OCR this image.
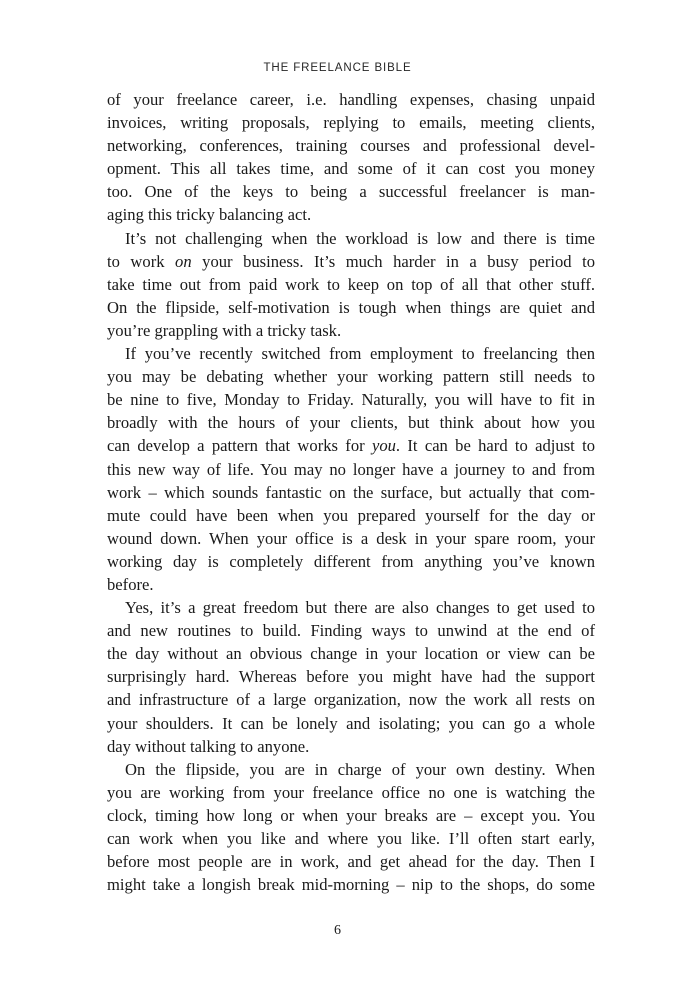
THE FREELANCE BIBLE

of your freelance career, i.e. handling expenses, chasing unpaid
invoices, writing proposals, replying to emails, meeting clients,
networking, conferences, training courses and professional devel-
opment. This all takes time, and some of it can cost you money
too. One of the keys to being a successful freelancer is man-
aging this tricky balancing act.

It’s not challenging when the workload is low and there is time
to work on your business. It’s much harder in a busy period to
take time out from paid work to keep on top of all that other stuff.
On the flipside, self-motivation is tough when things are quiet and
you’re grappling with a tricky task.

If you’ve recently switched from employment to freelancing then
you may be debating whether your working pattern still needs to
be nine to five, Monday to Friday. Naturally, you will have to fit in
broadly with the hours of your clients, but think about how you
can develop a pattern that works for you. It can be hard to adjust to
this new way of life. You may no longer have a journey to and from
work – which sounds fantastic on the surface, but actually that com-
mute could have been when you prepared yourself for the day or
wound down. When your office is a desk in your spare room, your
working day is completely different from anything you’ve known
before.

Yes, it’s a great freedom but there are also changes to get used to
and new routines to build. Finding ways to unwind at the end of
the day without an obvious change in your location or view can be
surprisingly hard. Whereas before you might have had the support
and infrastructure of a large organization, now the work all rests on
your shoulders. It can be lonely and isolating; you can go a whole
day without talking to anyone.

On the flipside, you are in charge of your own destiny. When
you are working from your freelance office no one is watching the
clock, timing how long or when your breaks are – except you. You
can work when you like and where you like. I’ll often start early,
before most people are in work, and get ahead for the day. Then I
might take a longish break mid-morning – nip to the shops, do some

6
